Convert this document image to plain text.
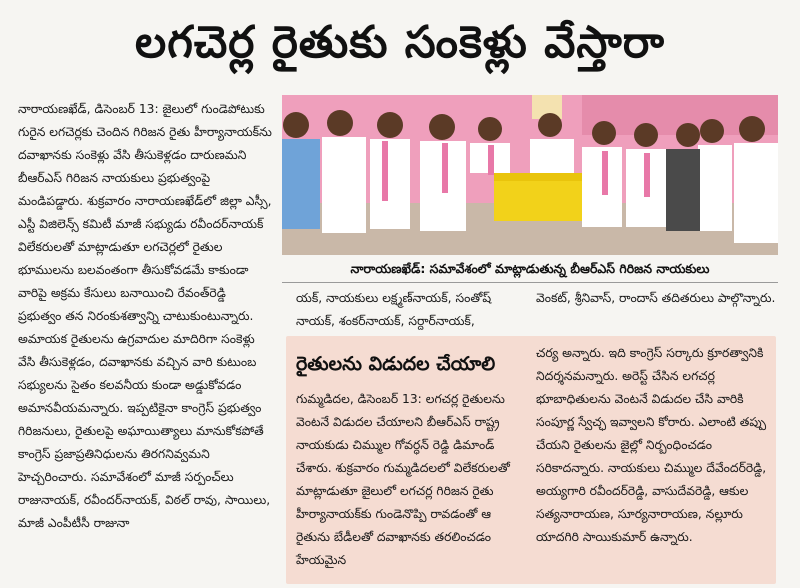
లగచెర్ల రైతుకు సంకెళ్లు వేస్తారా

నారాయణఖేడ్, డిసెంబర్ 13: జైలులో గుండెపోటుకు గురైన లగచెర్లకు చెందిన గిరిజన రైతు హీర్యానాయక్‌ను దవాఖానకు సంకెళ్లు వేసి తీసుకెళ్లడం దారుణమని బీఆర్‌ఎస్ గిరిజన నాయకులు ప్రభుత్వంపై మండిపడ్డారు. శుక్రవారం నారాయణఖేడ్‌లో జిల్లా ఎస్సీ, ఎస్టీ విజిలెన్స్ కమిటీ మాజీ సభ్యుడు రవీందర్‌నాయక్ విలేకరులతో మాట్లాడుతూ లగచెర్లలో రైతుల భూములను బలవంతంగా తీసుకోవడమే కాకుండా వారిపై అక్రమ కేసులు బనాయించి రేవంత్‌రెడ్డి ప్రభుత్వం తన నిరంకుశత్వాన్ని చాటుకుంటున్నారు. అమాయక రైతులను ఉగ్రవాదుల మాదిరిగా సంకెళ్లు వేసి తీసుకెళ్లడం, దవాఖానకు వచ్చిన వారి కుటుంబ సభ్యులను సైతం కలవనీయ కుండా అడ్డుకోవడం అమానవీయమన్నారు. ఇప్పటికైనా కాంగ్రెస్ ప్రభుత్వం గిరిజనులు, రైతులపై అఘాయిత్యాలు మానుకోకపోతే కాంగ్రెస్ ప్రజాప్రతినిధులను తిరగనివ్వమని హెచ్చరించారు. సమావేశంలో మాజీ సర్పంచ్‌లు రాజునాయక్, రవీందర్‌నాయక్, విఠల్ రావు, సాయిలు, మాజీ ఎంపీటీసీ రాజునా

నారాయణఖేడ్: సమావేశంలో మాట్లాడుతున్న బీఆర్‌ఎస్ గిరిజన నాయకులు

యక్, నాయకులు లక్ష్మణ్‌నాయక్, సంతోష్ నాయక్, శంకర్‌నాయక్, సర్దార్‌నాయక్,

వెంకట్, శ్రీనివాస్, రాందాస్ తదితరులు పాల్గొన్నారు.

రైతులను విడుదల చేయాలి

గుమ్మడిదల, డిసెంబర్ 13: లగచర్ల రైతులను వెంటనే విడుదల చేయాలని బీఆర్‌ఎస్ రాష్ట్ర నాయకుడు చిమ్ముల గోవర్ధన్ రెడ్డి డిమాండ్ చేశారు. శుక్రవారం గుమ్మడిదలలో విలేకరులతో మాట్లాడుతూ జైలులో లగచర్ల గిరిజన రైతు హీర్యానాయక్‌కు గుండెనొప్పి రావడంతో ఆ రైతును బేడీలతో దవాఖానకు తరలించడం హేయమైన

చర్య అన్నారు. ఇది కాంగ్రెస్ సర్కారు క్రూరత్వానికి నిదర్శనమన్నారు. అరెస్ట్ చేసిన లగచర్ల భూబాధితులను వెంటనే విడుదల చేసి వారికి సంపూర్ణ స్వేచ్ఛ ఇవ్వాలని కోరారు. ఎలాంటి తప్పు చేయని రైతులను జైల్లో నిర్బంధించడం సరికాదన్నారు. నాయకులు చిమ్ముల దేవేందర్‌రెడ్డి, అయ్యగారి రవీందర్‌రెడ్డి, వాసుదేవరెడ్డి, ఆకుల సత్యనారాయణ, సూర్యనారాయణ, నల్లూరు యాదగిరి సాయికుమార్ ఉన్నారు.
